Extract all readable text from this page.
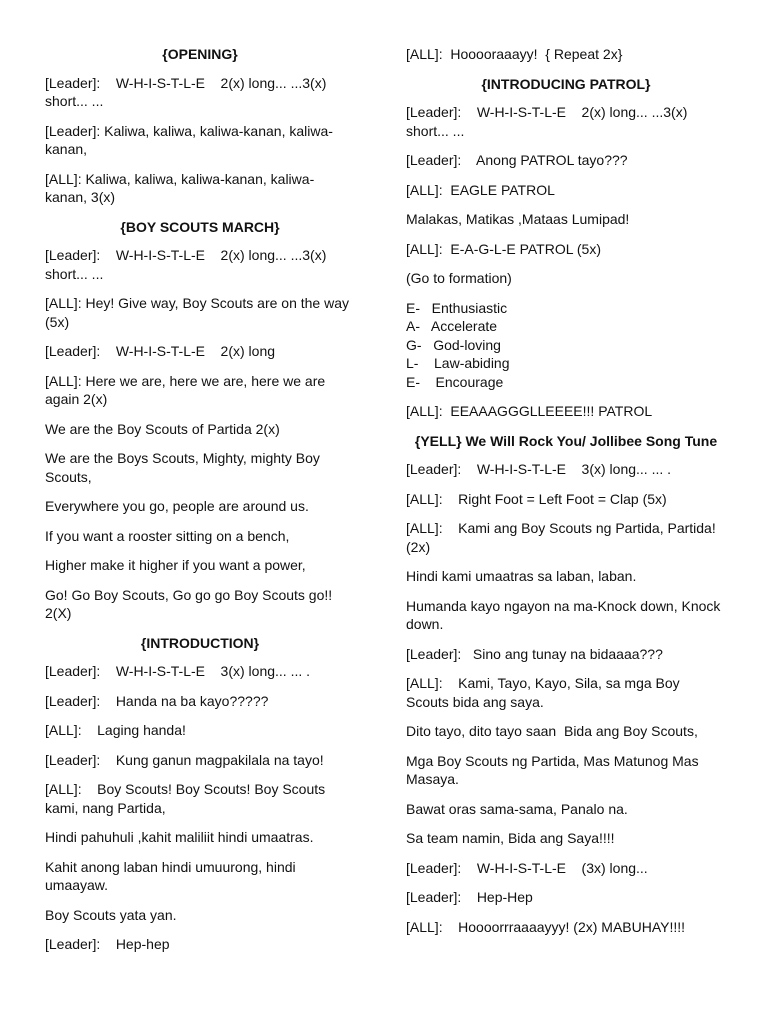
{OPENING}
[Leader]:    W-H-I-S-T-L-E    2(x) long... ...3(x) short... ...
[Leader]: Kaliwa, kaliwa, kaliwa-kanan, kaliwa-kanan,
[ALL]: Kaliwa, kaliwa, kaliwa-kanan, kaliwa-kanan, 3(x)
{BOY SCOUTS MARCH}
[Leader]:    W-H-I-S-T-L-E    2(x) long... ...3(x) short... ...
[ALL]: Hey! Give way, Boy Scouts are on the way (5x)
[Leader]:    W-H-I-S-T-L-E    2(x) long
[ALL]: Here we are, here we are, here we are again 2(x)
We are the Boy Scouts of Partida 2(x)
We are the Boys Scouts, Mighty, mighty Boy Scouts,
Everywhere you go, people are around us.
If you want a rooster sitting on a bench,
Higher make it higher if you want a power,
Go! Go Boy Scouts, Go go go Boy Scouts go!! 2(X)
{INTRODUCTION}
[Leader]:    W-H-I-S-T-L-E    3(x) long... ... .
[Leader]:    Handa na ba kayo?????
[ALL]:    Laging handa!
[Leader]:    Kung ganun magpakilala na tayo!
[ALL]:    Boy Scouts! Boy Scouts! Boy Scouts kami, nang Partida,
Hindi pahuhuli ,kahit maliliit hindi umaatras.
Kahit anong laban hindi umuurong, hindi umaayaw.
Boy Scouts yata yan.
[Leader]:    Hep-hep
[ALL]:  Hoooоraaayy!  { Repeat 2x}
{INTRODUCING PATROL}
[Leader]:    W-H-I-S-T-L-E    2(x) long... ...3(x) short... ...
[Leader]:    Anong PATROL tayo???
[ALL]:  EAGLE PATROL
Malakas, Matikas ,Mataas Lumipad!
[ALL]:  E-A-G-L-E PATROL (5x)
(Go to formation)
E-   Enthusiastic
A-   Accelerate
G-   God-loving
L-    Law-abiding
E-    Encourage
[ALL]:  EEAAAGGGLLEEEE!!! PATROL
{YELL} We Will Rock You/ Jollibee Song Tune
[Leader]:    W-H-I-S-T-L-E    3(x) long... ... .
[ALL]:    Right Foot = Left Foot = Clap (5x)
[ALL]:    Kami ang Boy Scouts ng Partida, Partida! (2x)
Hindi kami umaatras sa laban, laban.
Humanda kayo ngayon na ma-Knock down, Knock down.
[Leader]:   Sino ang tunay na bidaaaa???
[ALL]:    Kami, Tayo, Kayo, Sila, sa mga Boy Scouts bida ang saya.
Dito tayo, dito tayo saan  Bida ang Boy Scouts,
Mga Boy Scouts ng Partida, Mas Matunog Mas Masaya.
Bawat oras sama-sama, Panalo na.
Sa team namin, Bida ang Saya!!!!
[Leader]:    W-H-I-S-T-L-E    (3x) long...
[Leader]:    Hep-Hep
[ALL]:    Hoooorrraaaayyy! (2x) MABUHAY!!!!
